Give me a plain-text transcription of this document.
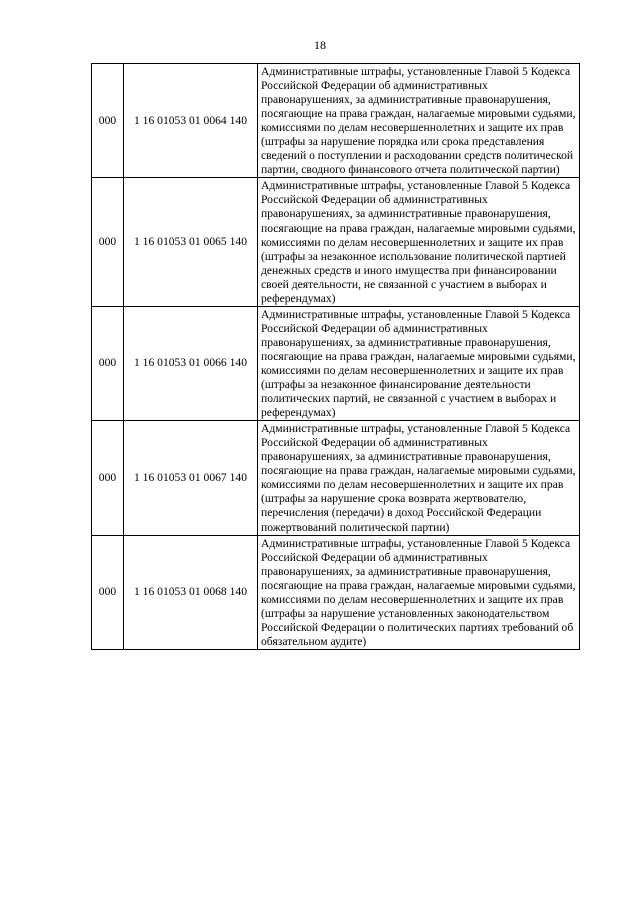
18
000	1 16 01053 01 0064 140	Административные штрафы, установленные Главой 5 Кодекса Российской Федерации об административных правонарушениях, за административные правонарушения, посягающие на права граждан, налагаемые мировыми судьями, комиссиями по делам несовершеннолетних и защите их прав (штрафы за нарушение порядка или срока представления сведений о поступлении и расходовании средств политической партии, сводного финансового отчета политической партии)
000	1 16 01053 01 0065 140	Административные штрафы, установленные Главой 5 Кодекса Российской Федерации об административных правонарушениях, за административные правонарушения, посягающие на права граждан, налагаемые мировыми судьями, комиссиями по делам несовершеннолетних и защите их прав (штрафы за незаконное использование политической партией денежных средств и иного имущества при финансировании своей деятельности, не связанной с участием в выборах и референдумах)
000	1 16 01053 01 0066 140	Административные штрафы, установленные Главой 5 Кодекса Российской Федерации об административных правонарушениях, за административные правонарушения, посягающие на права граждан, налагаемые мировыми судьями, комиссиями по делам несовершеннолетних и защите их прав (штрафы за незаконное финансирование деятельности политических партий, не связанной с участием в выборах и референдумах)
000	1 16 01053 01 0067 140	Административные штрафы, установленные Главой 5 Кодекса Российской Федерации об административных правонарушениях, за административные правонарушения, посягающие на права граждан, налагаемые мировыми судьями, комиссиями по делам несовершеннолетних и защите их прав (штрафы за нарушение срока возврата жертвователю, перечисления (передачи) в доход Российской Федерации пожертвований политической партии)
000	1 16 01053 01 0068 140	Административные штрафы, установленные Главой 5 Кодекса Российской Федерации об административных правонарушениях, за административные правонарушения, посягающие на права граждан, налагаемые мировыми судьями, комиссиями по делам несовершеннолетних и защите их прав (штрафы за нарушение установленных законодательством Российской Федерации о политических партиях требований об обязательном аудите)
